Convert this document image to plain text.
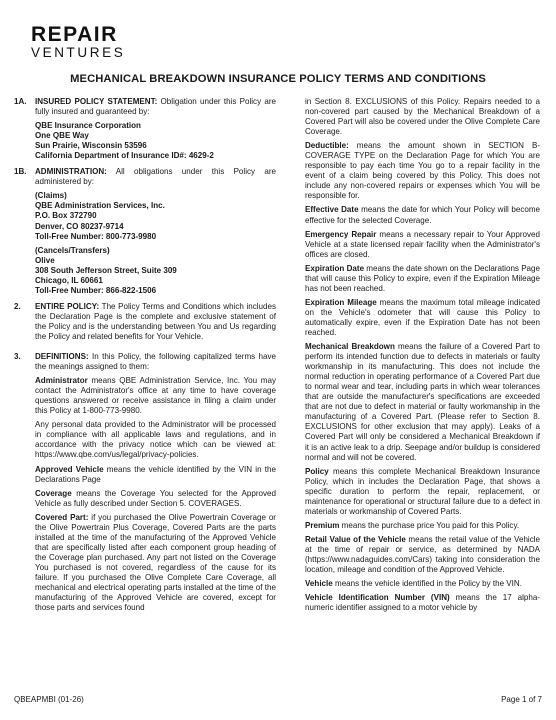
REPAIR
VENTURES
MECHANICAL BREAKDOWN INSURANCE POLICY TERMS AND CONDITIONS
1A.	INSURED POLICY STATEMENT: Obligation under this Policy are fully insured and guaranteed by:

QBE Insurance Corporation

One QBE Way

Sun Prairie, Wisconsin 53596

California Department of Insurance ID#: 4629-2

1B.	ADMINISTRATION: All obligations under this Policy are administered by:

(Claims)

QBE Administration Services, Inc.

P.O. Box 372790

Denver, CO 80237-9714

Toll-Free Number: 800-773-9980

(Cancels/Transfers)

Olive

308 South Jefferson Street, Suite 309

Chicago, IL 60661

Toll-Free Number: 866-822-1506

2.	ENTIRE POLICY: The Policy Terms and Conditions which includes the Declaration Page is the complete and exclusive statement of the Policy and is the understanding between You and Us regarding the Policy and related benefits for Your Vehicle.

3.	DEFINITIONS: In this Policy, the following capitalized terms have the meanings assigned to them:

Administrator means QBE Administration Service, Inc. You may contact the Administrator's office at any time to have coverage questions answered or receive assistance in filing a claim under this Policy at 1-800-773-9980.

Any personal data provided to the Administrator will be processed in compliance with all applicable laws and regulations, and in accordance with the privacy notice which can be viewed at: https://www.qbe.com/us/legal/privacy-policies.

Approved Vehicle means the vehicle identified by the VIN in the Declarations Page

Coverage means the Coverage You selected for the Approved Vehicle as fully described under Section 5. COVERAGES.

Covered Part: if you purchased the Olive Powertrain Coverage or the Olive Powertrain Plus Coverage, Covered Parts are the parts installed at the time of the manufacturing of the Approved Vehicle that are specifically listed after each component group heading of the Coverage plan purchased. Any part not listed on the Coverage You purchased is not covered, regardless of the cause for its failure. If you purchased the Olive Complete Care Coverage, all mechanical and electrical operating parts installed at the time of the manufacturing of the Approved Vehicle are covered, except for those parts and services found

in Section 8. EXCLUSIONS of this Policy. Repairs needed to a non-covered part caused by the Mechanical Breakdown of a Covered Part will also be covered under the Olive Complete Care Coverage.

Deductible: means the amount shown in SECTION B-COVERAGE TYPE on the Declaration Page for which You are responsible to pay each time You go to a repair facility in the event of a claim being covered by this Policy. This does not include any non-covered repairs or expenses which You will be responsible for.

Effective Date means the date for which Your Policy will become effective for the selected Coverage.

Emergency Repair means a necessary repair to Your Approved Vehicle at a state licensed repair facility when the Administrator's offices are closed.

Expiration Date means the date shown on the Declarations Page that will cause this Policy to expire, even if the Expiration Mileage has not been reached.

Expiration Mileage means the maximum total mileage indicated on the Vehicle's odometer that will cause this Policy to automatically expire, even if the Expiration Date has not been reached.

Mechanical Breakdown means the failure of a Covered Part to perform its intended function due to defects in materials or faulty workmanship in its manufacturing. This does not include the normal reduction in operating performance of a Covered Part due to normal wear and tear, including parts in which wear tolerances that are outside the manufacturer's specifications are exceeded that are not due to defect in material or faulty workmanship in the manufacturing of a Covered Part. (Please refer to Section 8. EXCLUSIONS for other exclusion that may apply). Leaks of a Covered Part will only be considered a Mechanical Breakdown if it is an active leak to a drip. Seepage and/or buildup is considered normal and will not be covered.

Policy means this complete Mechanical Breakdown Insurance Policy, which in includes the Declaration Page, that shows a specific duration to perform the repair, replacement, or maintenance for operational or structural failure due to a defect in materials or workmanship of Covered Parts.

Premium means the purchase price You paid for this Policy.

Retail Value of the Vehicle means the retail value of the Vehicle at the time of repair or service, as determined by NADA (https://www.nadaguides.com/Cars) taking into consideration the location, mileage and condition of the Approved Vehicle.

Vehicle means the vehicle identified in the Policy by the VIN.

Vehicle Identification Number (VIN) means the 17 alpha-numeric identifier assigned to a motor vehicle by

QBEAPMBI (01-26)	Page 1 of 7
